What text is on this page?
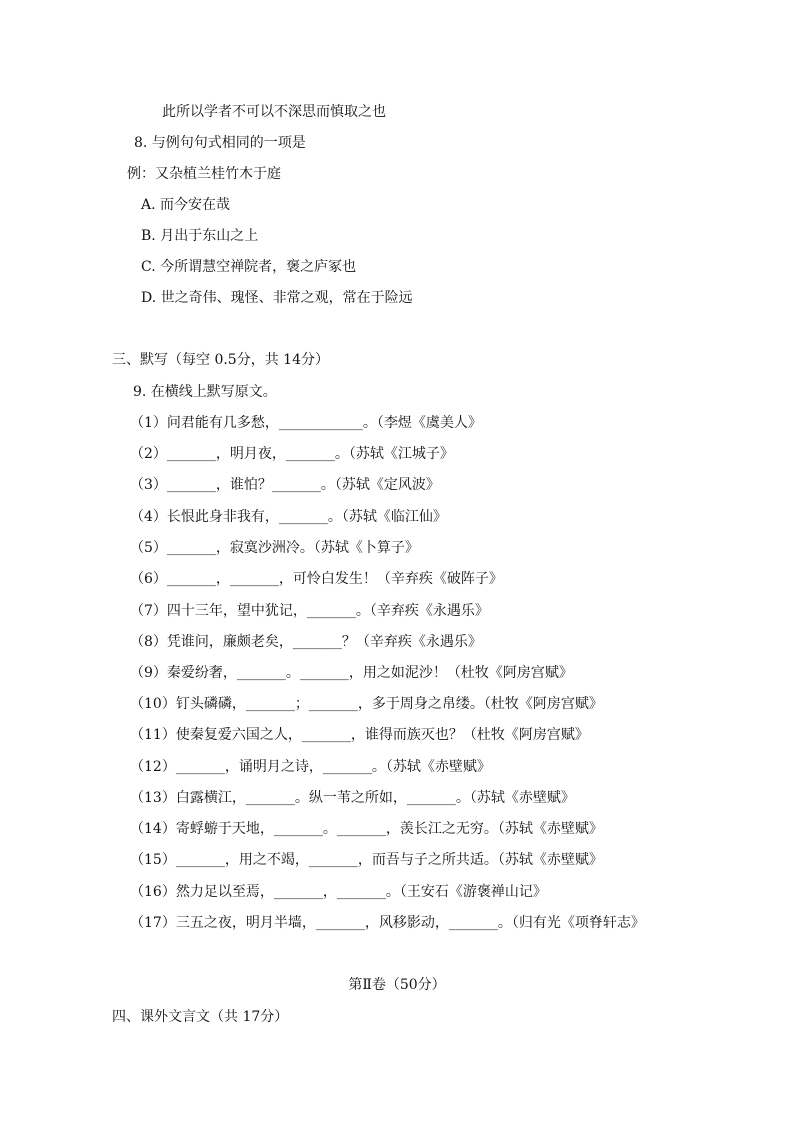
此所以学者不可以不深思而慎取之也
8. 与例句句式相同的一项是
例：又杂植兰桂竹木于庭
A. 而今安在哉
B. 月出于东山之上
C. 今所谓慧空禅院者，褒之庐冢也
D. 世之奇伟、瑰怪、非常之观，常在于险远
三、默写（每空 0.5分，共 14分）
9. 在横线上默写原文。
（1）问君能有几多愁，____________。（李煜《虞美人》
（2）_______，明月夜，_______。（苏轼《江城子》
（3）_______，谁怕？_______。（苏轼《定风波》
（4）长恨此身非我有，_______。（苏轼《临江仙》
（5）_______，寂寞沙洲冷。（苏轼《卜算子》
（6）_______，_______，可怜白发生！（辛弃疾《破阵子》
（7）四十三年，望中犹记，_______。（辛弃疾《永遇乐》
（8）凭谁问，廉颇老矣，_______？（辛弃疾《永遇乐》
（9）秦爱纷奢，_______。_______，用之如泥沙！（杜牧《阿房宫赋》
（10）钉头磷磷，_______；_______，多于周身之帛缕。（杜牧《阿房宫赋》
（11）使秦复爱六国之人，_______，谁得而族灭也？（杜牧《阿房宫赋》
（12）_______，诵明月之诗，_______。（苏轼《赤壁赋》
（13）白露横江，_______。纵一苇之所如，_______。（苏轼《赤壁赋》
（14）寄蜉蝣于天地，_______。_______，羡长江之无穷。（苏轼《赤壁赋》
（15）_______，用之不竭，_______，而吾与子之所共适。（苏轼《赤壁赋》
（16）然力足以至焉，_______，_______。（王安石《游褒禅山记》
（17）三五之夜，明月半墙，_______，风移影动，_______。（归有光《项脊轩志》
第Ⅱ卷（50分）
四、课外文言文（共 17分）
